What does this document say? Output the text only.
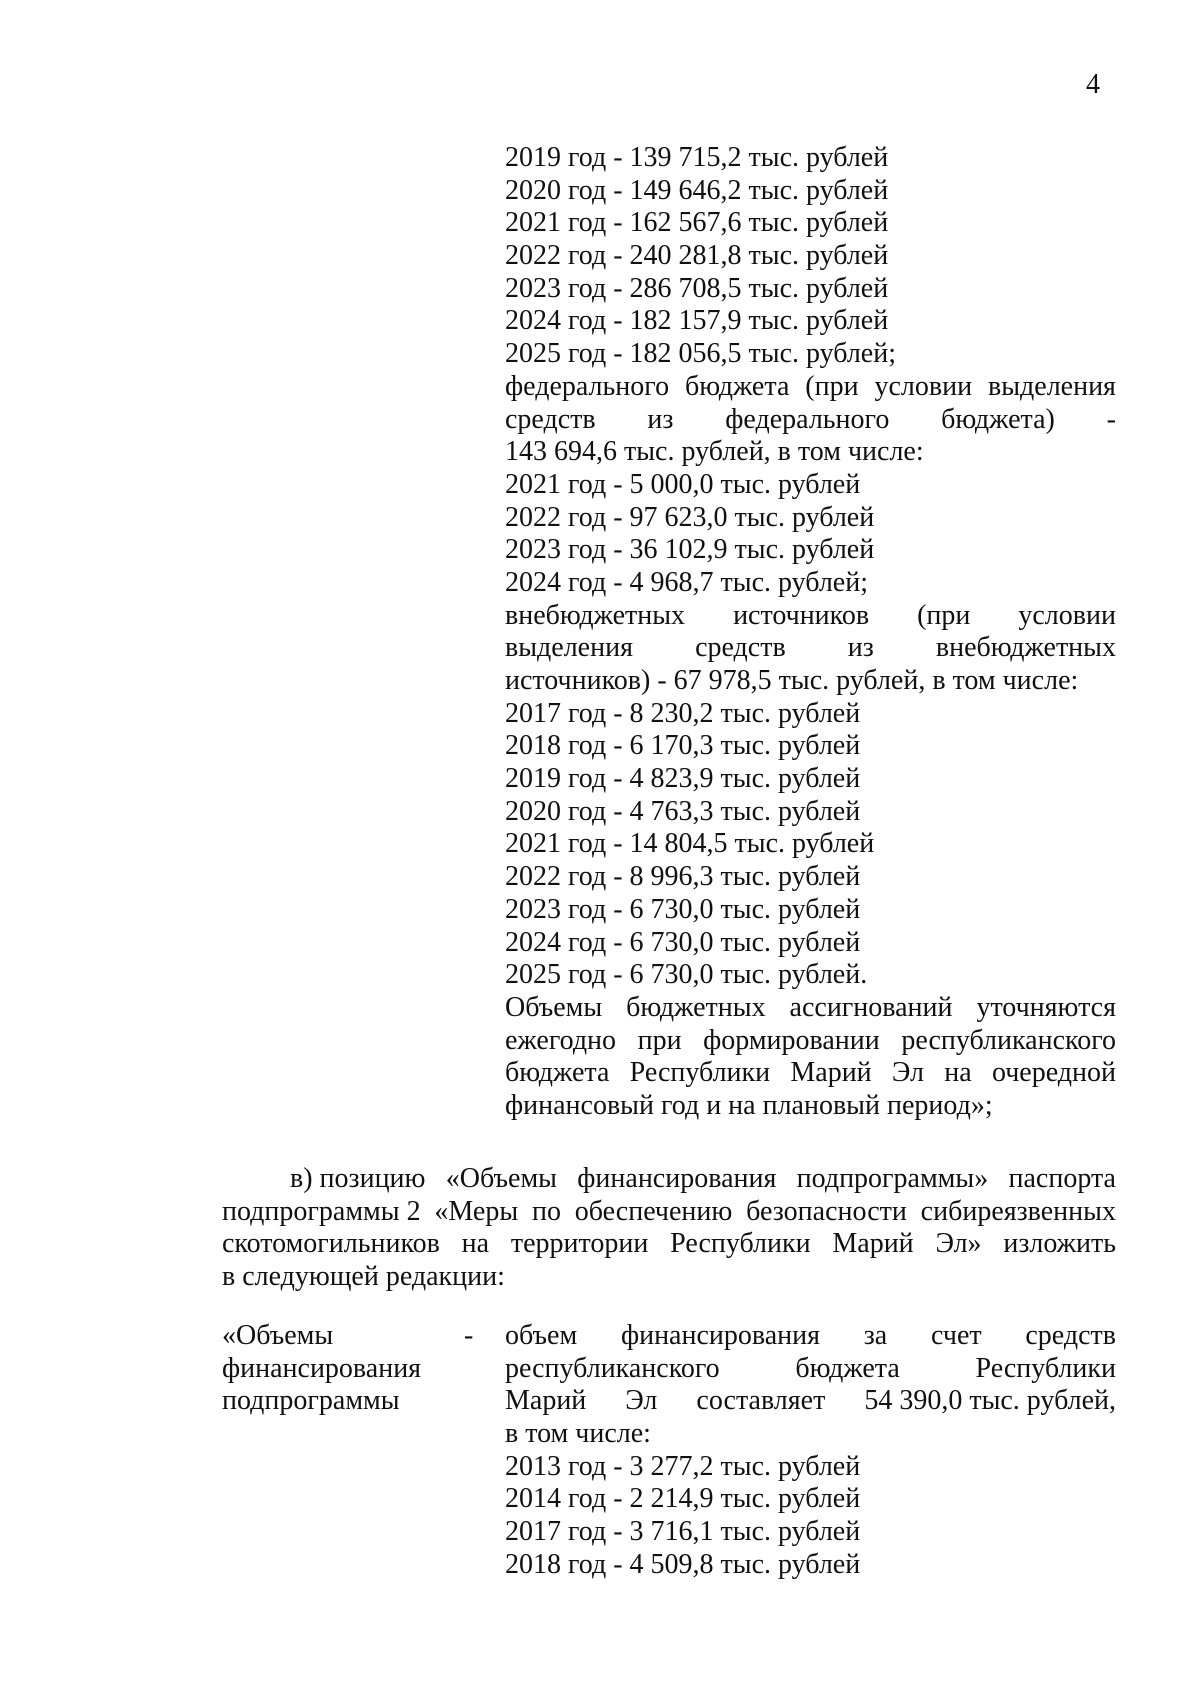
4
2019 год - 139 715,2 тыс. рублей
2020 год - 149 646,2 тыс. рублей
2021 год - 162 567,6 тыс. рублей
2022 год - 240 281,8 тыс. рублей
2023 год - 286 708,5 тыс. рублей
2024 год - 182 157,9 тыс. рублей
2025 год - 182 056,5 тыс. рублей;
федерального бюджета (при условии выделения
средств из федерального бюджета) -
143 694,6 тыс. рублей, в том числе:
2021 год - 5 000,0 тыс. рублей
2022 год - 97 623,0 тыс. рублей
2023 год - 36 102,9 тыс. рублей
2024 год - 4 968,7 тыс. рублей;
внебюджетных источников (при условии
выделения средств из внебюджетных
источников) - 67 978,5 тыс. рублей, в том числе:
2017 год - 8 230,2 тыс. рублей
2018 год - 6 170,3 тыс. рублей
2019 год - 4 823,9 тыс. рублей
2020 год - 4 763,3 тыс. рублей
2021 год - 14 804,5 тыс. рублей
2022 год - 8 996,3 тыс. рублей
2023 год - 6 730,0 тыс. рублей
2024 год - 6 730,0 тыс. рублей
2025 год - 6 730,0 тыс. рублей.
Объемы бюджетных ассигнований уточняются
ежегодно при формировании республиканского
бюджета Республики Марий Эл на очередной
финансовый год и на плановый период»;
в) позицию «Объемы финансирования подпрограммы» паспорта
подпрограммы 2 «Меры по обеспечению безопасности сибиреязвенных
скотомогильников на территории Республики Марий Эл» изложить
в следующей редакции:
«Объемы
финансирования
подпрограммы
- объем финансирования за счет средств
республиканского	бюджета	Республики
Марий Эл составляет 54 390,0 тыс. рублей,
в том числе:
2013 год - 3 277,2 тыс. рублей
2014 год - 2 214,9 тыс. рублей
2017 год - 3 716,1 тыс. рублей
2018 год - 4 509,8 тыс. рублей
